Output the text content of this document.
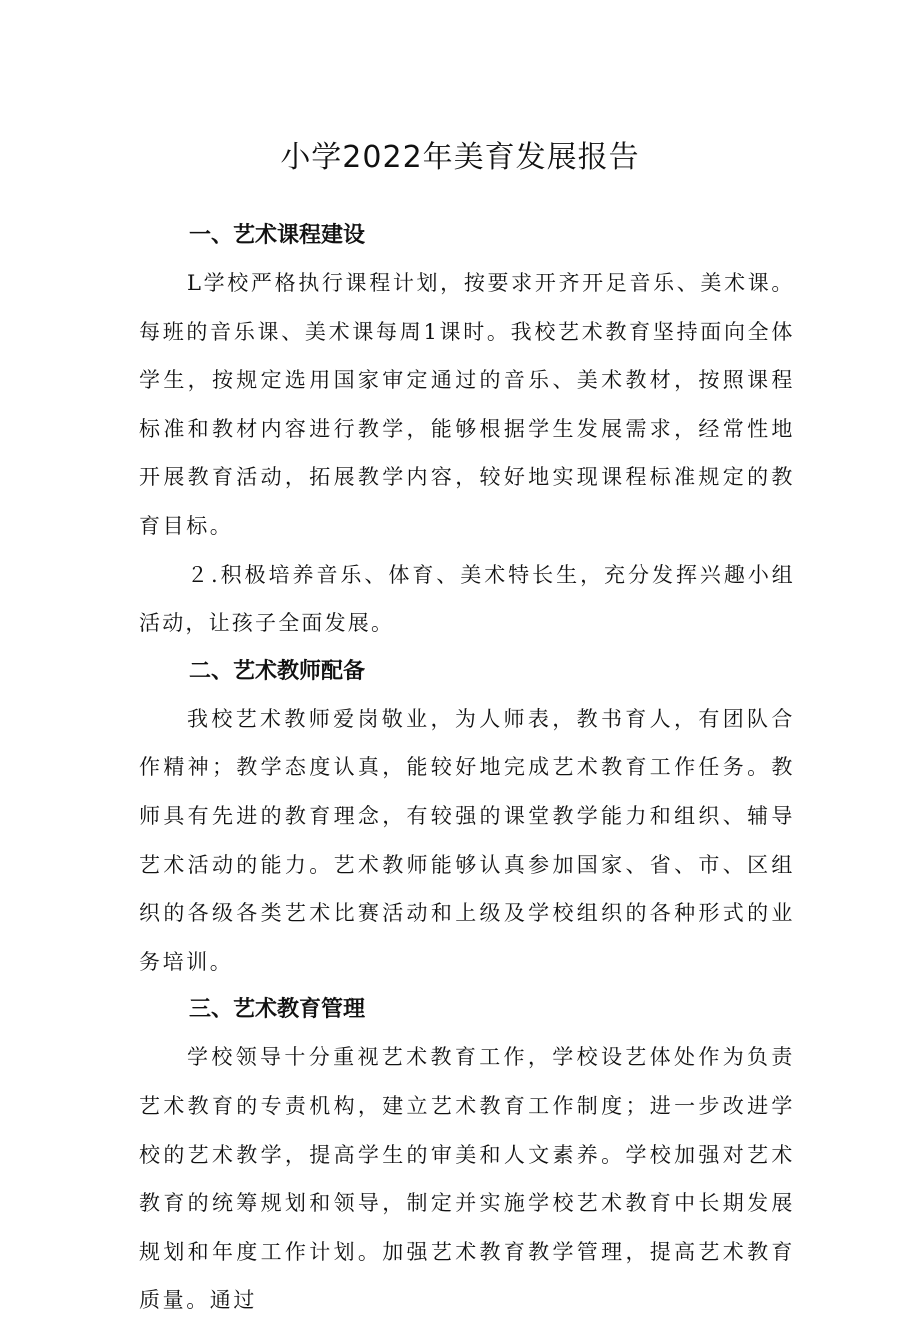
小学2022年美育发展报告
一、艺术课程建设

L学校严格执行课程计划，按要求开齐开足音乐、美术课。每班的音乐课、美术课每周1课时。我校艺术教育坚持面向全体学生，按规定选用国家审定通过的音乐、美术教材，按照课程标准和教材内容进行教学，能够根据学生发展需求，经常性地开展教育活动，拓展教学内容，较好地实现课程标准规定的教育目标。

２.积极培养音乐、体育、美术特长生，充分发挥兴趣小组活动，让孩子全面发展。

二、艺术教师配备

我校艺术教师爱岗敬业，为人师表，教书育人，有团队合作精神；教学态度认真，能较好地完成艺术教育工作任务。教师具有先进的教育理念，有较强的课堂教学能力和组织、辅导艺术活动的能力。艺术教师能够认真参加国家、省、市、区组织的各级各类艺术比赛活动和上级及学校组织的各种形式的业务培训。

三、艺术教育管理

学校领导十分重视艺术教育工作，学校设艺体处作为负责艺术教育的专责机构，建立艺术教育工作制度；进一步改进学校的艺术教学，提高学生的审美和人文素养。学校加强对艺术教育的统筹规划和领导，制定并实施学校艺术教育中长期发展规划和年度工作计划。加强艺术教育教学管理，提高艺术教育质量。通过
